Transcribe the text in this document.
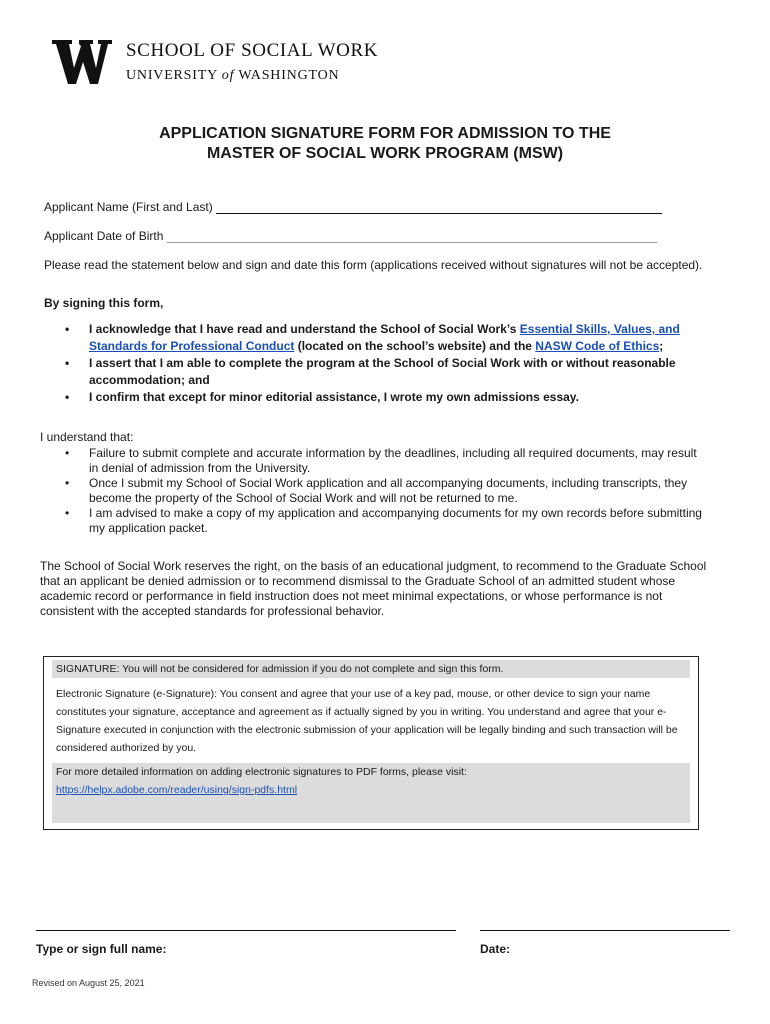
SCHOOL OF SOCIAL WORK
UNIVERSITY of WASHINGTON
APPLICATION SIGNATURE FORM FOR ADMISSION TO THE
MASTER OF SOCIAL WORK PROGRAM (MSW)
Applicant Name (First and Last)
Applicant Date of Birth
Please read the statement below and sign and date this form (applications received without signatures will not be accepted).
By signing this form,
• I acknowledge that I have read and understand the School of Social Work’s Essential Skills, Values, and Standards for Professional Conduct (located on the school’s website) and the NASW Code of Ethics;
• I assert that I am able to complete the program at the School of Social Work with or without reasonable accommodation; and
• I confirm that except for minor editorial assistance, I wrote my own admissions essay.
I understand that:
• Failure to submit complete and accurate information by the deadlines, including all required documents, may result in denial of admission from the University.
• Once I submit my School of Social Work application and all accompanying documents, including transcripts, they become the property of the School of Social Work and will not be returned to me.
• I am advised to make a copy of my application and accompanying documents for my own records before submitting my application packet.
The School of Social Work reserves the right, on the basis of an educational judgment, to recommend to the Graduate School that an applicant be denied admission or to recommend dismissal to the Graduate School of an admitted student whose academic record or performance in field instruction does not meet minimal expectations, or whose performance is not consistent with the accepted standards for professional behavior.
SIGNATURE: You will not be considered for admission if you do not complete and sign this form.
Electronic Signature (e-Signature): You consent and agree that your use of a key pad, mouse, or other device to sign your name constitutes your signature, acceptance and agreement as if actually signed by you in writing. You understand and agree that your e-Signature executed in conjunction with the electronic submission of your application will be legally binding and such transaction will be considered authorized by you.
For more detailed information on adding electronic signatures to PDF forms, please visit:
https://helpx.adobe.com/reader/using/sign-pdfs.html
Type or sign full name:	Date:
Revised on August 25, 2021
